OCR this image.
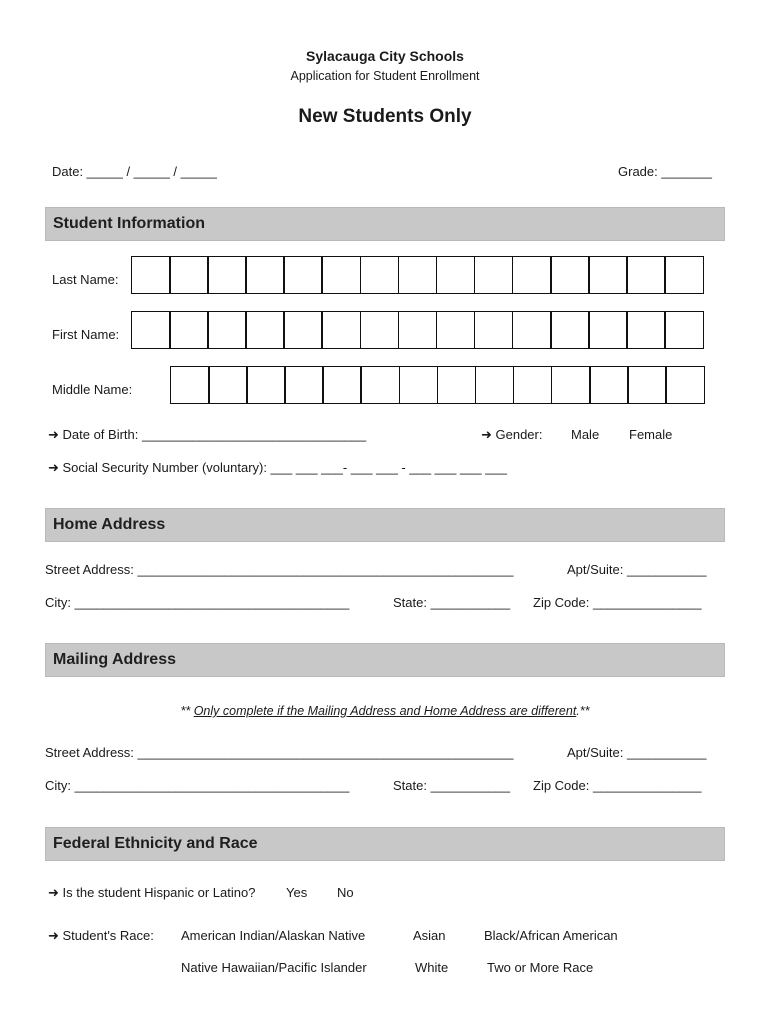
Sylacauga City Schools
Application for Student Enrollment
New Students Only
Date: _____ / _____ / _____	Grade: _______
Student Information
Last Name:
First Name:
Middle Name:
➜ Date of Birth: _______________________________	➜ Gender: Male Female
➜ Social Security Number (voluntary): ___ ___ ___- ___ ___ - ___ ___ ___ ___
Home Address
Street Address: ____________________________________________________	Apt/Suite: ___________
City: ______________________________________	State: ___________ Zip Code: _______________
Mailing Address
** Only complete if the Mailing Address and Home Address are different.**
Street Address: ____________________________________________________	Apt/Suite: ___________
City: ______________________________________	State: ___________ Zip Code: _______________
Federal Ethnicity and Race
➜ Is the student Hispanic or Latino? Yes No
➜ Student's Race: American Indian/Alaskan Native	Asian	Black/African American
Native Hawaiian/Pacific Islander	White	Two or More Race
